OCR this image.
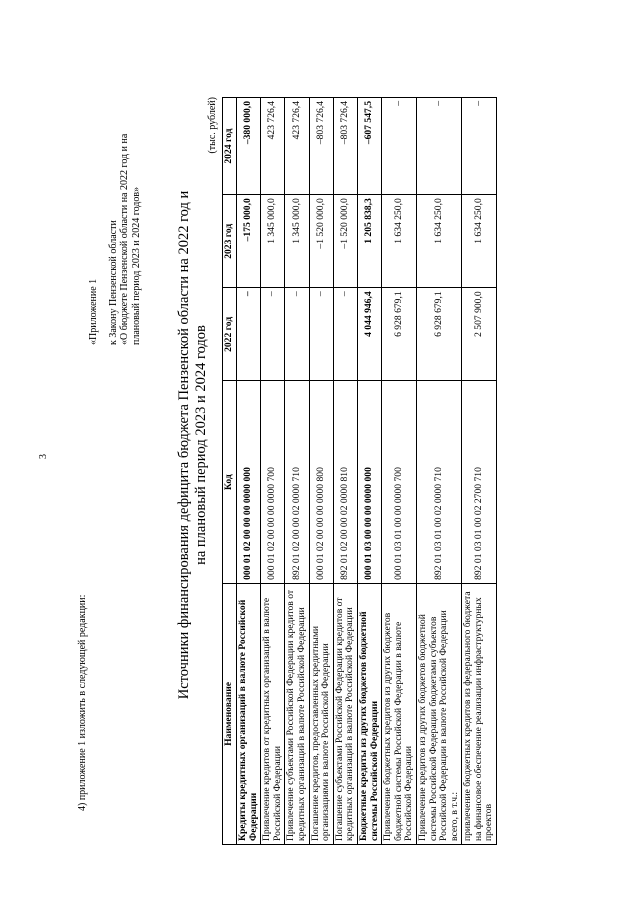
3
4) приложение 1 изложить в следующей редакции:
«Приложение 1 к Закону Пензенской области «О бюджете Пензенской области на 2022 год и на плановый период 2023 и 2024 годов» Источники финансирования дефицита бюджета Пензенской области на 2022 год и на плановый период 2023 и 2024 годов
(тыс. рублей)
Наименование	Код	2022 год	2023 год	2024 год
Кредиты кредитных организаций в валюте Российской Федерации	000 01 02 00 00 00 0000 000	–	–175 000,0	–380 000,0
Привлечение кредитов от кредитных организаций в валюте Российской Федерации	000 01 02 00 00 00 0000 700	–	1 345 000,0	423 726,4
Привлечение субъектами Российской Федерации кредитов от кредитных организаций в валюте Российской Федерации	892 01 02 00 00 02 0000 710	–	1 345 000,0	423 726,4
Погашение кредитов, предоставленных кредитными организациями в валюте Российской Федерации	000 01 02 00 00 00 0000 800	–	–1 520 000,0	–803 726,4
Погашение субъектами Российской Федерации кредитов от кредитных организаций в валюте Российской Федерации	892 01 02 00 00 02 0000 810	–	–1 520 000,0	–803 726,4
Бюджетные кредиты из других бюджетов бюджетной системы Российской Федерации	000 01 03 00 00 00 0000 000	4 044 946,4	1 205 838,3	–607 547,5
Привлечение бюджетных кредитов из других бюджетов бюджетной системы Российской Федерации в валюте Российской Федерации	000 01 03 01 00 00 0000 700	6 928 679,1	1 634 250,0	–
Привлечение кредитов из других бюджетов бюджетной системы Российской Федерации бюджетами субъектов Российской Федерации в валюте Российской Федерации всего, в т.ч.:	892 01 03 01 00 02 0000 710	6 928 679,1	1 634 250,0	–
привлечение бюджетных кредитов из федерального бюджета на финансовое обеспечение реализации инфраструктурных проектов	892 01 03 01 00 02 2700 710	2 507 900,0	1 634 250,0	–
